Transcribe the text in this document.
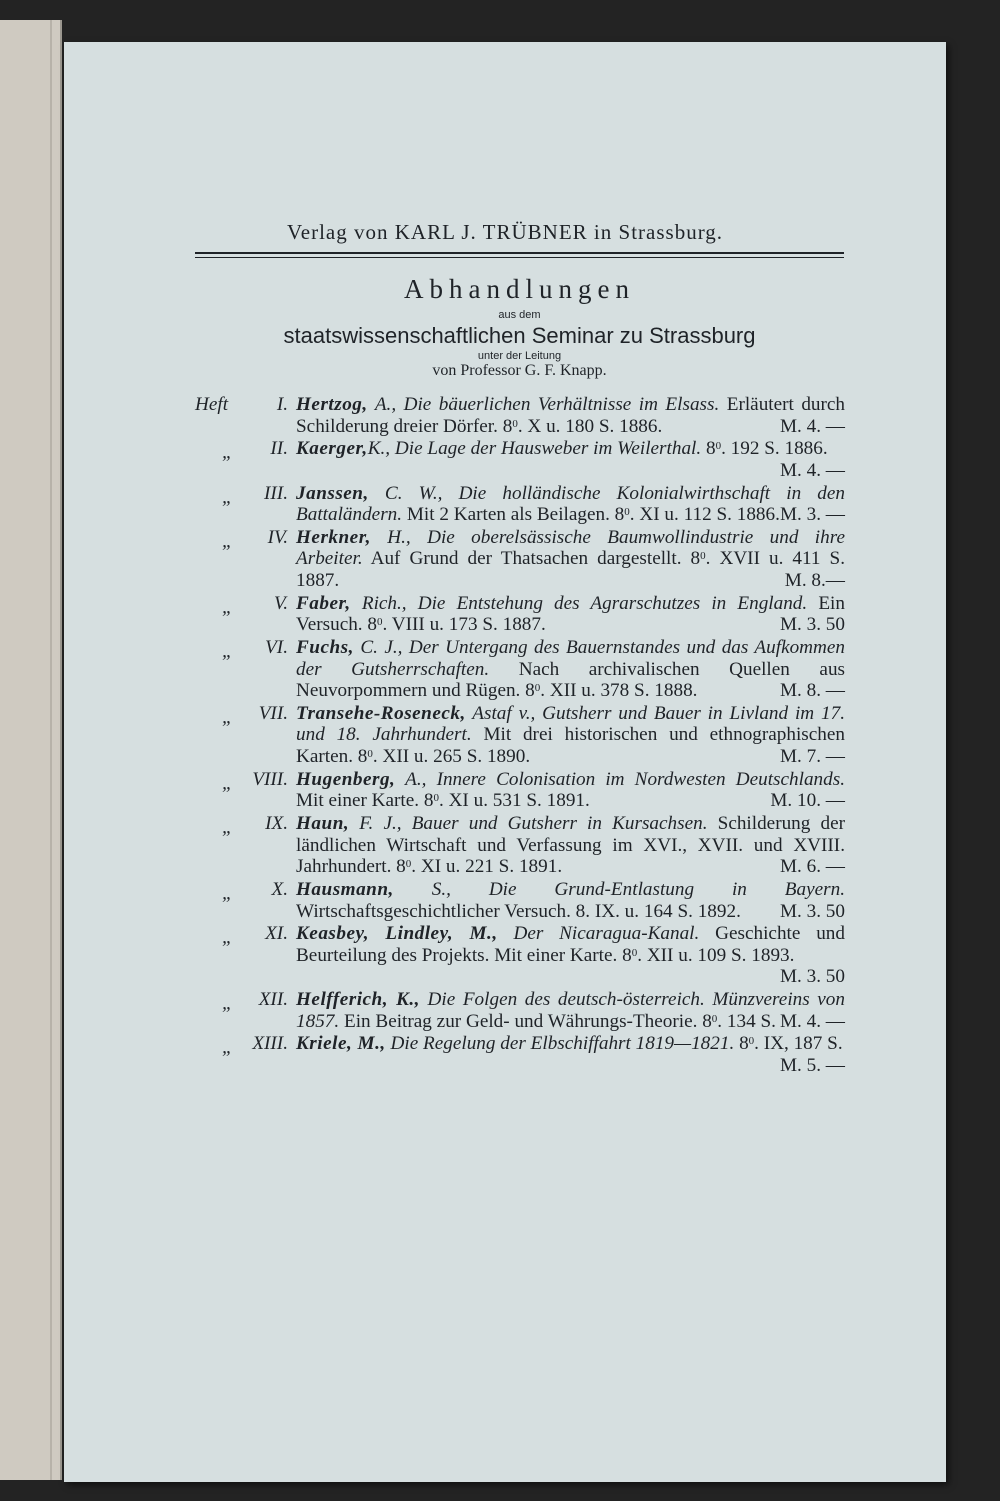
Verlag von KARL J. TRÜBNER in Strassburg.
Abhandlungen
aus dem
staatswissenschaftlichen Seminar zu Strassburg
unter der Leitung
von Professor G. F. Knapp.
Heft	I. Hertzog, A., Die bäuerlichen Verhältnisse im Elsass. Erläutert durch Schilderung dreier Dörfer. $8^0$. X u. 180 S. 1886.	M. 4. —
„ II. Kaerger,K., Die Lage der Hausweber im Weilerthal. $8^0$. 192 S. 1886.
M. 4. —
„ III. Janssen, C. W., Die holländische Kolonialwirthschaft in den Battaländern. Mit 2 Karten als Beilagen. $8^0$. XI u. 112 S. 1886. M. 3. —
„ IV. Herkner, H., Die oberelsässische Baumwollindustrie und ihre Arbeiter. Auf Grund der Thatsachen dargestellt. $8^0$. XVII u. 411 S. 1887.	M. 8.—
„ V. Faber, Rich., Die Entstehung des Agrarschutzes in England. Ein Versuch. $8^0$. VIII u. 173 S. 1887.	M. 3. 50
„ VI. Fuchs, C. J., Der Untergang des Bauernstandes und das Aufkommen der Gutsherrschaften. Nach archivalischen Quellen aus Neuvorpommern und Rügen. $8^0$. XII u. 378 S. 1888.	M. 8. —
„ VII. Transehe-Roseneck, Astaf v., Gutsherr und Bauer in Livland im 17. und 18. Jahrhundert. Mit drei historischen und ethnographischen Karten. $8^0$. XII u. 265 S. 1890.	M. 7. —
„ VIII. Hugenberg, A., Innere Colonisation im Nordwesten Deutschlands. Mit einer Karte. $8^0$. XI u. 531 S. 1891.	M. 10. —
„ IX. Haun, F. J., Bauer und Gutsherr in Kursachsen. Schilderung der ländlichen Wirtschaft und Verfassung im XVI., XVII. und XVIII. Jahrhundert. $8^0$. XI u. 221 S. 1891.	M. 6. —
„ X. Hausmann, S., Die Grund-Entlastung in Bayern. Wirtschaftsgeschichtlicher Versuch. 8. IX. u. 164 S. 1892. M. 3. 50
„ XI. Keasbey, Lindley, M., Der Nicaragua-Kanal. Geschichte und Beurteilung des Projekts. Mit einer Karte. $8^0$. XII u. 109 S. 1893.
M. 3. 50
„ XII. Helfferich, K., Die Folgen des deutsch-österreich. Münzvereins von 1857. Ein Beitrag zur Geld- und Währungs-Theorie. $8^0$. 134 S. M. 4. —
„ XIII. Kriele, M., Die Regelung der Elbschiffahrt 1819—1821. $8^0$. IX, 187 S.
M. 5. —
